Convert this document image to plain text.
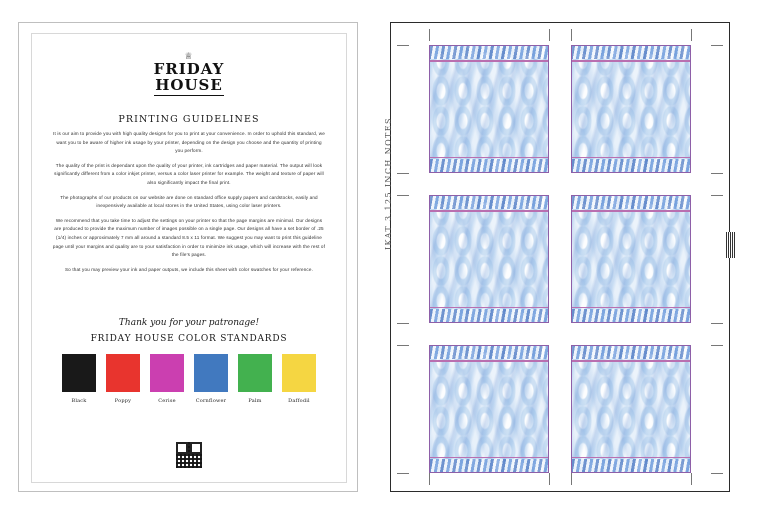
♕
FRIDAY
HOUSE
PRINTING GUIDELINES

It is our aim to provide you with high quality designs for you to print at your convenience. In order to uphold this standard, we want you to be aware of higher ink usage by your printer, depending on the design you choose and the quantity of printing you perform.

The quality of the print is dependant upon the quality of your printer, ink cartridges and paper material. The output will look significantly different from a color inkjet printer, versus a color laser printer for example. The weight and texture of paper will also significantly impact the final print.

The photographs of our products on our website are done on standard office supply papers and cardstocks, easily and inexpensively available at local stores in the United States, using color laser printers.

We recommend that you take time to adjust the settings on your printer so that the page margins are minimal. Our designs are produced to provide the maximum number of images possible on a single page. Our designs all have a set border of .25 (1/4) inches or approximately 7 mm all around a standard 8.5 x 11 format. We suggest you may want to print this guideline page until your margins and quality are to your satisfaction in order to minimize ink usage, which will increase with the rest of the file's pages.

So that you may preview your ink and paper outputs, we include this sheet with color swatches for your reference.

Thank you for your patronage!
FRIDAY HOUSE COLOR STANDARDS
Black	Poppy	Cerise	Cornflower	Palm	Daffodil
IKAT 3.125 INCH NOTES
